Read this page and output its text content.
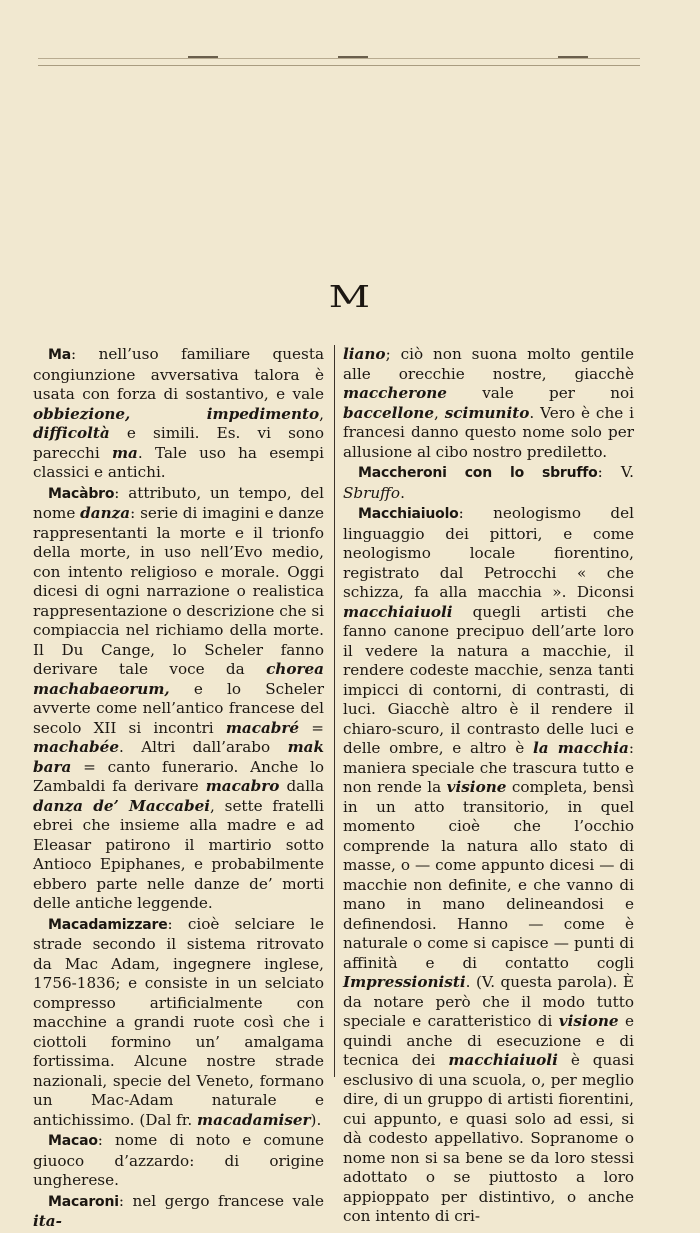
M

Ma: nell’uso familiare questa congiunzione avversativa talora è usata con forza di sostantivo, e vale obbiezione, impedimento, difficoltà e simili. Es. vi sono parecchi ma. Tale uso ha esempi classici e antichi.

Macàbro: attributo, un tempo, del nome danza: serie di imagini e danze rappresentanti la morte e il trionfo della morte, in uso nell’Evo medio, con intento religioso e morale. Oggi dicesi di ogni narrazione o realistica rappresentazione o descrizione che si compiaccia nel richiamo della morte. Il Du Cange, lo Scheler fanno derivare tale voce da chorea machabaeorum, e lo Scheler avverte come nell’antico francese del secolo XII si incontri macabré = machabée. Altri dall’arabo mak bara = canto funerario. Anche lo Zambaldi fa derivare macabro dalla danza de’ Maccabei, sette fratelli ebrei che insieme alla madre e ad Eleasar patirono il martirio sotto Antioco Epiphanes, e probabilmente ebbero parte nelle danze de’ morti delle antiche leggende.

Macadamizzare: cioè selciare le strade secondo il sistema ritrovato da Mac Adam, ingegnere inglese, 1756-1836; e consiste in un selciato compresso artificialmente con macchine a grandi ruote così che i ciottoli formino un’ amalgama fortissima. Alcune nostre strade nazionali, specie del Veneto, formano un Mac-Adam naturale e antichissimo. (Dal fr. macadamiser).

Macao: nome di noto e comune giuoco d’azzardo: di origine ungherese.

Macaroni: nel gergo francese vale ita-

liano; ciò non suona molto gentile alle orecchie nostre, giacchè maccherone vale per noi baccellone, scimunito. Vero è che i francesi danno questo nome solo per allusione al cibo nostro prediletto.

Maccheroni con lo sbruffo: V. Sbruffo.

Macchiaiuolo: neologismo del linguaggio dei pittori, e come neologismo locale fiorentino, registrato dal Petrocchi « che schizza, fa alla macchia ». Diconsi macchiaiuoli quegli artisti che fanno canone precipuo dell’arte loro il vedere la natura a macchie, il rendere codeste macchie, senza tanti impicci di contorni, di contrasti, di luci. Giacchè altro è il rendere il chiaro-scuro, il contrasto delle luci e delle ombre, e altro è la macchia: maniera speciale che trascura tutto e non rende la visione completa, bensì in un atto transitorio, in quel momento cioè che l’occhio comprende la natura allo stato di masse, o — come appunto dicesi — di macchie non definite, e che vanno di mano in mano delineandosi e definendosi. Hanno — come è naturale o come si capisce — punti di affinità e di contatto cogli Impressionisti. (V. questa parola). È da notare però che il modo tutto speciale e caratteristico di visione e quindi anche di esecuzione e di tecnica dei macchiaiuoli è quasi esclusivo di una scuola, o, per meglio dire, di un gruppo di artisti fiorentini, cui appunto, e quasi solo ad essi, si dà codesto appellativo. Sopranome o nome non si sa bene se da loro stessi adottato o se piuttosto a loro appioppato per distintivo, o anche con intento di cri-
